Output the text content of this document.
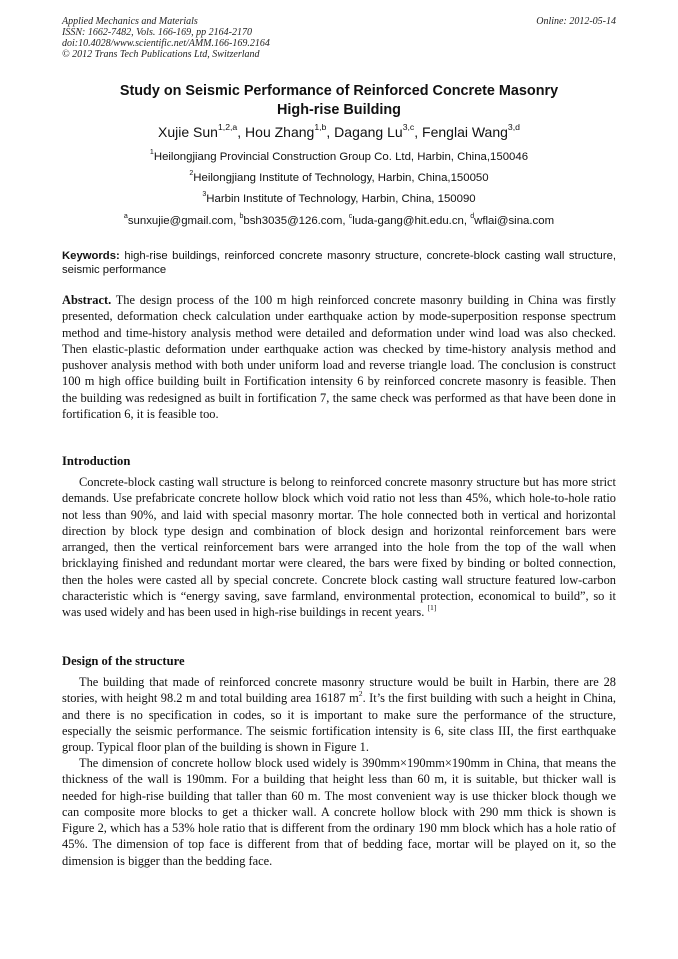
Applied Mechanics and Materials
ISSN: 1662-7482, Vols. 166-169, pp 2164-2170
doi:10.4028/www.scientific.net/AMM.166-169.2164
© 2012 Trans Tech Publications Ltd, Switzerland
Online: 2012-05-14
Study on Seismic Performance of Reinforced Concrete Masonry
High-rise Building
Xujie Sun$^{1,2,a}$, Hou Zhang$^{1,b}$, Dagang Lu$^{3,c}$, Fenglai Wang$^{3,d}$
$^1$Heilongjiang Provincial Construction Group Co. Ltd, Harbin, China,150046
$^2$Heilongjiang Institute of Technology, Harbin, China,150050
$^3$Harbin Institute of Technology, Harbin, China, 150090
$^a$sunxujie@gmail.com, $^b$bsh3035@126.com, $^c$luda-gang@hit.edu.cn, $^d$wflai@sina.com
Keywords: high-rise buildings, reinforced concrete masonry structure, concrete-block casting wall structure, seismic performance
Abstract. The design process of the 100 m high reinforced concrete masonry building in China was firstly presented, deformation check calculation under earthquake action by mode-superposition response spectrum method and time-history analysis method were detailed and deformation under wind load was also checked. Then elastic-plastic deformation under earthquake action was checked by time-history analysis method and pushover analysis method with both under uniform load and reverse triangle load. The conclusion is construct 100 m high office building built in Fortification intensity 6 by reinforced concrete masonry is feasible. Then the building was redesigned as built in fortification 7, the same check was performed as that have been done in fortification 6, it is feasible too.
Introduction
Concrete-block casting wall structure is belong to reinforced concrete masonry structure but has more strict demands. Use prefabricate concrete hollow block which void ratio not less than 45%, which hole-to-hole ratio not less than 90%, and laid with special masonry mortar. The hole connected both in vertical and horizontal direction by block type design and combination of block design and horizontal reinforcement bars were arranged, then the vertical reinforcement bars were arranged into the hole from the top of the wall when bricklaying finished and redundant mortar were cleared, the bars were fixed by binding or bolted connection, then the holes were casted all by special concrete. Concrete block casting wall structure featured low-carbon characteristic which is “energy saving, save farmland, environmental protection, economical to build”, so it was used widely and has been used in high-rise buildings in recent years. [1]
Design of the structure
The building that made of reinforced concrete masonry structure would be built in Harbin, there are 28 stories, with height 98.2 m and total building area 16187 $m^2$. It’s the first building with such a height in China, and there is no specification in codes, so it is important to make sure the performance of the structure, especially the seismic performance. The seismic fortification intensity is 6, site class III, the first earthquake group. Typical floor plan of the building is shown in Figure 1.
The dimension of concrete hollow block used widely is 390mm×190mm×190mm in China, that means the thickness of the wall is 190mm. For a building that height less than 60 m, it is suitable, but thicker wall is needed for high-rise building that taller than 60 m. The most convenient way is use thicker block though we can composite more blocks to get a thicker wall. A concrete hollow block with 290 mm thick is shown is Figure 2, which has a 53% hole ratio that is different from the ordinary 190 mm block which has a hole ratio of 45%. The dimension of top face is different from that of bedding face, mortar will be played on it, so the dimension is bigger than the bedding face.
